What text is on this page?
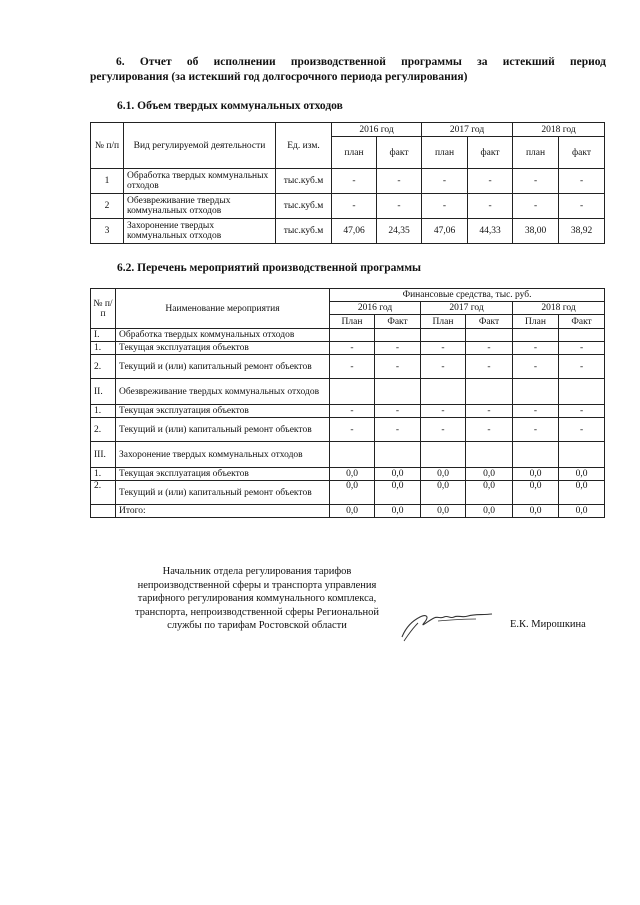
6. Отчет об исполнении производственной программы за истекший период
регулирования (за истекший год долгосрочного периода регулирования)
6.1. Объем твердых коммунальных отходов
№ п/п	Вид регулируемой деятельности	Ед. изм.	2016 год		2017 год		2018 год	
			план	факт	план	факт	план	факт
1	Обработка твердых коммунальных отходов	тыс.куб.м	-	-	-	-	-	-
2	Обезвреживание твердых коммунальных отходов	тыс.куб.м	-	-	-	-	-	-
3	Захоронение твердых коммунальных отходов	тыс.куб.м	47,06	24,35	47,06	44,33	38,00	38,92
6.2. Перечень мероприятий производственной программы
№ п/п	Наименование мероприятия	Финансовые средства, тыс. руб.					
		2016 год		2017 год		2018 год	
		План	Факт	План	Факт	План	Факт
I.	Обработка твердых коммунальных отходов						
1.	Текущая эксплуатация объектов	-	-	-	-	-	-
2.	Текущий и (или) капитальный ремонт объектов	-	-	-	-	-	-
II.	Обезвреживание твердых коммунальных отходов						
1.	Текущая эксплуатация объектов	-	-	-	-	-	-
2.	Текущий и (или) капитальный ремонт объектов	-	-	-	-	-	-
III.	Захоронение твердых коммунальных отходов						
1.	Текущая эксплуатация объектов	0,0	0,0	0,0	0,0	0,0	0,0
2.	Текущий и (или) капитальный ремонт объектов	0,0	0,0	0,0	0,0	0,0	0,0
	Итого:	0,0	0,0	0,0	0,0	0,0	0,0
Начальник отдела регулирования тарифов
непроизводственной сферы и транспорта управления
тарифного регулирования коммунального комплекса,
транспорта, непроизводственной сферы Региональной
службы по тарифам Ростовской области	Е.К. Мирошкина
